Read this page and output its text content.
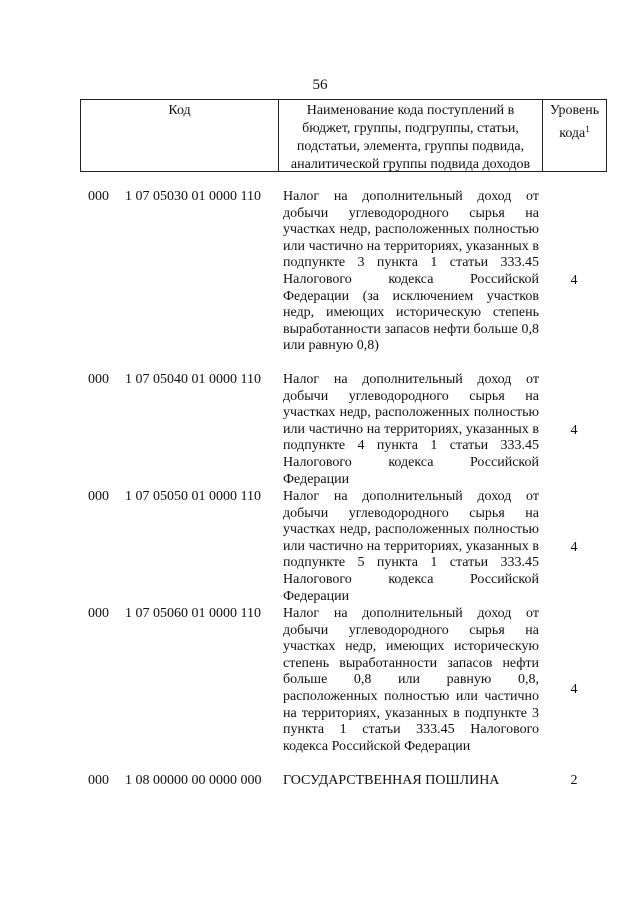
56
Код	Наименование кода поступлений в бюджет, группы, подгруппы, статьи, подстатьи, элемента, группы подвида, аналитической группы подвида доходов
Уровень кода$^1$
000 1 07 05030 01 0000 110 Налог на дополнительный доход от добычи углеводородного сырья на участках недр, расположенных полностью или частично на территориях, указанных в подпункте 3 пункта 1 статьи 333.45 Налогового кодекса Российской Федерации (за исключением участков недр, имеющих историческую степень выработанности запасов нефти больше 0,8 или равную 0,8)
4
000 1 07 05040 01 0000 110 Налог на дополнительный доход от добычи углеводородного сырья на участках недр, расположенных полностью или частично на территориях, указанных в подпункте 4 пункта 1 статьи 333.45 Налогового кодекса Российской Федерации
4
000 1 07 05050 01 0000 110 Налог на дополнительный доход от добычи углеводородного сырья на участках недр, расположенных полностью или частично на территориях, указанных в подпункте 5 пункта 1 статьи 333.45 Налогового кодекса Российской Федерации
4
000 1 07 05060 01 0000 110 Налог на дополнительный доход от добычи углеводородного сырья на участках недр, имеющих историческую степень выработанности запасов нефти больше 0,8 или равную 0,8, расположенных полностью или частично на территориях, указанных в подпункте 3 пункта 1 статьи 333.45 Налогового кодекса Российской Федерации
4
000 1 08 00000 00 0000 000 ГОСУДАРСТВЕННАЯ ПОШЛИНА	2
